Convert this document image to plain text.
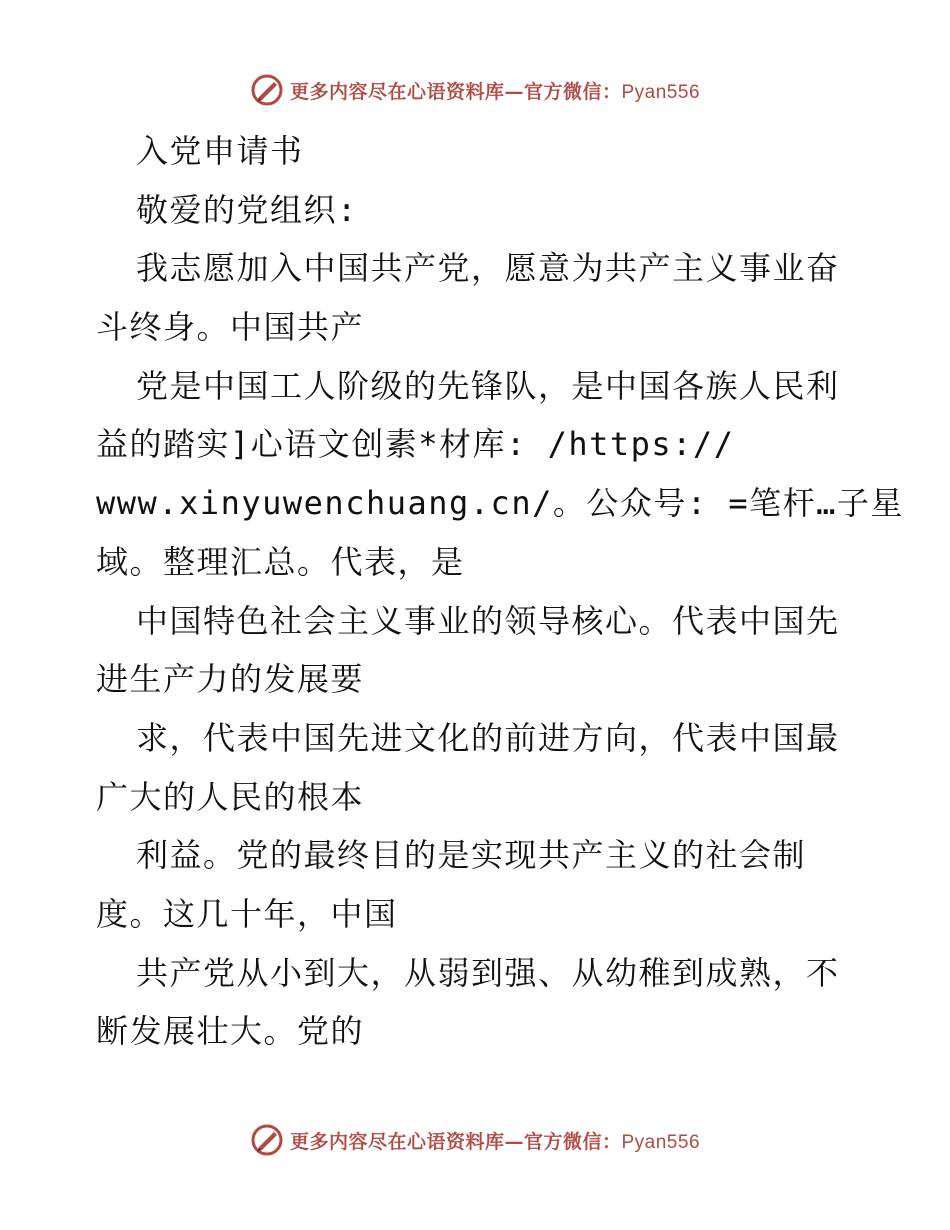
更多内容尽在心语资料库—官方微信：Pyan556
入党申请书
敬爱的党组织:
我志愿加入中国共产党，愿意为共产主义事业奋
斗终身。中国共产
党是中国工人阶级的先锋队，是中国各族人民利
益的踏实]心语文创素*材库: /https://
www.xinyuwenchuang.cn/。公众号: =笔杆…子星
域。整理汇总。代表，是
中国特色社会主义事业的领导核心。代表中国先
进生产力的发展要
求，代表中国先进文化的前进方向，代表中国最
广大的人民的根本
利益。党的最终目的是实现共产主义的社会制
度。这几十年，中国
共产党从小到大，从弱到强、从幼稚到成熟，不
断发展壮大。党的
更多内容尽在心语资料库—官方微信：Pyan556
